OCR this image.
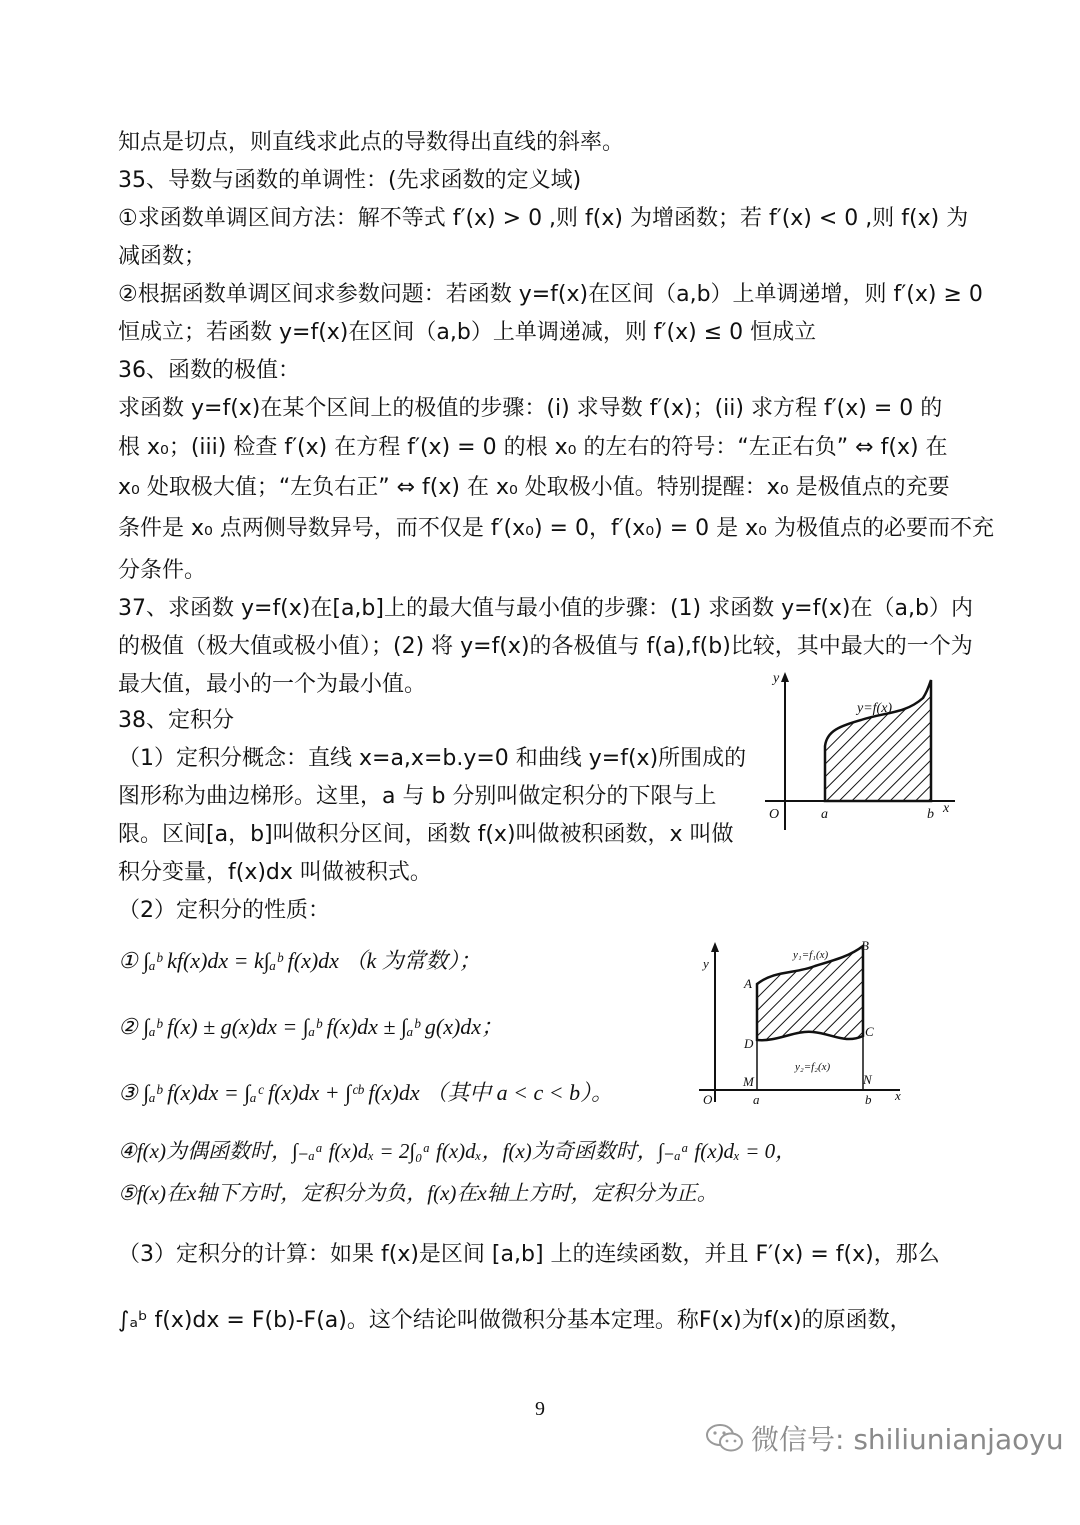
知点是切点，则直线求此点的导数得出直线的斜率。
35、导数与函数的单调性：(先求函数的定义域)
①求函数单调区间方法：解不等式 f′(x) > 0 ,则 f(x) 为增函数；若 f′(x) < 0 ,则 f(x) 为
减函数；
②根据函数单调区间求参数问题：若函数 y=f(x)在区间（a,b）上单调递增，则 f′(x) ≥ 0
恒成立；若函数 y=f(x)在区间（a,b）上单调递减，则 f′(x) ≤ 0 恒成立
36、函数的极值：
求函数 y=f(x)在某个区间上的极值的步骤：(i) 求导数 f′(x)；(ii) 求方程 f′(x) = 0 的
根 x₀；(iii) 检查 f′(x) 在方程 f′(x) = 0 的根 x₀ 的左右的符号：“左正右负” ⇔ f(x) 在
x₀ 处取极大值；“左负右正” ⇔ f(x) 在 x₀ 处取极小值。特别提醒：x₀ 是极值点的充要
条件是 x₀ 点两侧导数异号，而不仅是 f′(x₀) = 0，f′(x₀) = 0 是 x₀ 为极值点的必要而不充
分条件。
37、求函数 y=f(x)在[a,b]上的最大值与最小值的步骤：(1) 求函数 y=f(x)在（a,b）内
的极值（极大值或极小值）；(2) 将 y=f(x)的各极值与 f(a),f(b)比较，其中最大的一个为
最大值，最小的一个为最小值。
38、定积分
（1）定积分概念：直线 x=a,x=b.y=0 和曲线 y=f(x)所围成的
图形称为曲边梯形。这里，a 与 b 分别叫做定积分的下限与上
限。区间[a，b]叫做积分区间，函数 f(x)叫做被积函数，x 叫做
积分变量，f(x)dx 叫做被积式。
（2）定积分的性质：
① ∫ₐᵇ kf(x)dx = k∫ₐᵇ f(x)dx （k 为常数）；
② ∫ₐᵇ f(x) ± g(x)dx = ∫ₐᵇ f(x)dx ± ∫ₐᵇ g(x)dx；
③ ∫ₐᵇ f(x)dx = ∫ₐᶜ f(x)dx + ∫ᶜᵇ f(x)dx （其中 a < c < b）。
④f(x)为偶函数时，∫₋ₐᵃ f(x)dₓ = 2∫₀ᵃ f(x)dₓ，f(x)为奇函数时，∫₋ₐᵃ f(x)dₓ = 0，
⑤f(x)在x轴下方时，定积分为负，f(x)在x轴上方时，定积分为正。
（3）定积分的计算：如果 f(x)是区间 [a,b] 上的连续函数，并且 F′(x) = f(x)，那么
∫ₐᵇ f(x)dx = F(b)-F(a)。这个结论叫做微积分基本定理。称F(x)为f(x)的原函数，
y
y=f(x)
O	a	b x
y
y₁=f₁(x)
y₂=f₂(x)
A
B
C
D
M	N
O	a	b x
9
微信号: shiliunianjaoyu
